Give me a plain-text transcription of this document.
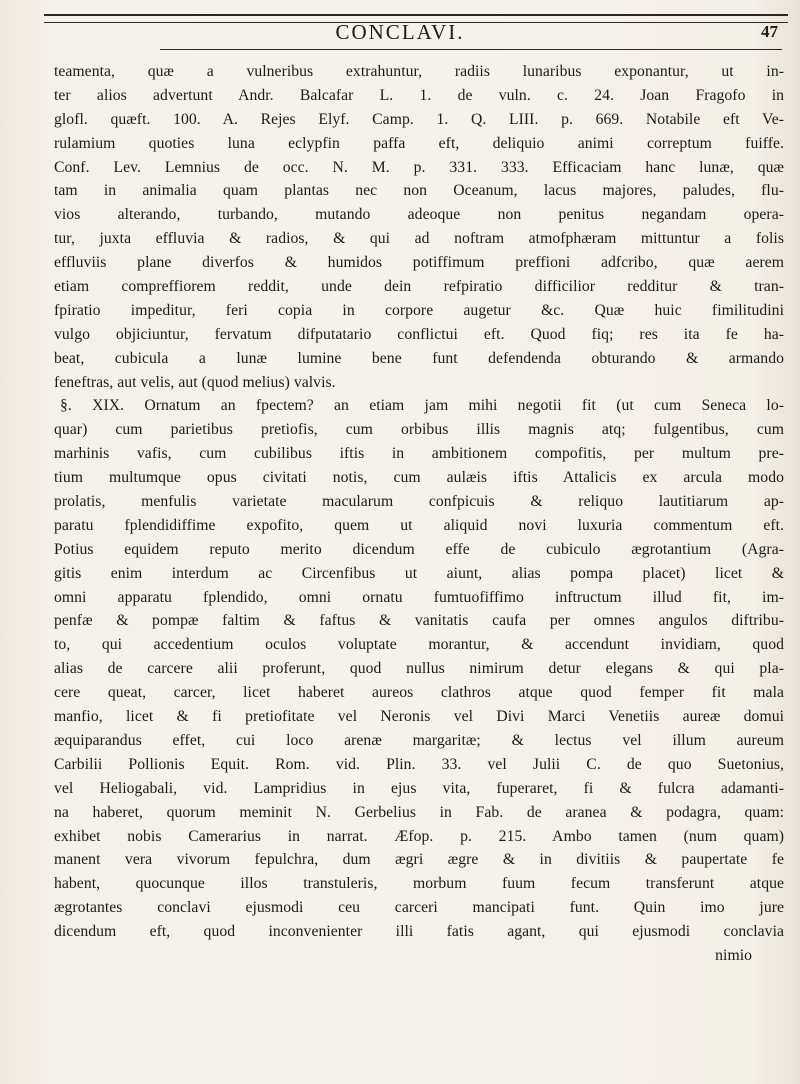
CONCLAVI.	47
teamenta, quæ a vulneribus extrahuntur, radiis lunaribus exponantur, ut in-
ter alios advertunt Andr. Balcafar L. 1. de vuln. c. 24. Joan Fragofo in
glofl. quæft. 100. A. Rejes Elyf. Camp. 1. Q. LIII. p. 669. Notabile eft Ve-
rulamium quoties luna eclypfin paffa eft, deliquio animi correptum fuiffe.
Conf. Lev. Lemnius de occ. N. M. p. 331. 333. Efficaciam hanc lunæ, quæ
tam in animalia quam plantas nec non Oceanum, lacus majores, paludes, flu-
vios alterando, turbando, mutando adeoque non penitus negandam opera-
tur, juxta effluvia & radios, & qui ad noftram atmofphæram mittuntur a folis
effluviis plane diverfos & humidos potiffimum preffioni adfcribo, quæ aerem
etiam compreffiorem reddit, unde dein refpiratio difficilior redditur & tran-
fpiratio impeditur, feri copia in corpore augetur &c. Quæ huic fimilitudini
vulgo objiciuntur, fervatum difputatario conflictui eft. Quod fiq; res ita fe ha-
beat, cubicula a lunæ lumine bene funt defendenda obturando & armando
feneftras, aut velis, aut (quod melius) valvis.
§. XIX. Ornatum an fpectem? an etiam jam mihi negotii fit (ut cum Seneca lo-
quar) cum parietibus pretiofis, cum orbibus illis magnis atq; fulgentibus, cum
marhinis vafis, cum cubilibus iftis in ambitionem compofitis, per multum pre-
tium multumque opus civitati notis, cum aulæis iftis Attalicis ex arcula modo
prolatis, menfulis varietate macularum confpicuis & reliquo lautitiarum ap-
paratu fplendidiffime expofito, quem ut aliquid novi luxuria commentum eft.
Potius equidem reputo merito dicendum effe de cubiculo ægrotantium (Agra-
gitis enim interdum ac Circenfibus ut aiunt, alias pompa placet) licet &
omni apparatu fplendido, omni ornatu fumtuofiffimo inftructum illud fit, im-
penfæ & pompæ faltim & faftus & vanitatis caufa per omnes angulos diftribu-
to, qui accedentium oculos voluptate morantur, & accendunt invidiam, quod
alias de carcere alii proferunt, quod nullus nimirum detur elegans & qui pla-
cere queat, carcer, licet haberet aureos clathros atque quod femper fit mala
manfio, licet & fi pretiofitate vel Neronis vel Divi Marci Venetiis aureæ domui
æquiparandus effet, cui loco arenæ margaritæ; & lectus vel illum aureum
Carbilii Pollionis Equit. Rom. vid. Plin. 33. vel Julii C. de quo Suetonius,
vel Heliogabali, vid. Lampridius in ejus vita, fuperaret, fi & fulcra adamanti-
na haberet, quorum meminit N. Gerbelius in Fab. de aranea & podagra, quam:
exhibet nobis Camerarius in narrat. Æfop. p. 215. Ambo tamen (num quam)
manent vera vivorum fepulchra, dum ægri ægre & in divitiis & paupertate fe
habent, quocunque illos transtuleris, morbum fuum fecum transferunt atque
ægrotantes conclavi ejusmodi ceu carceri mancipati funt. Quin imo jure
dicendum eft, quod inconvenienter illi fatis agant, qui ejusmodi conclavia
nimio
